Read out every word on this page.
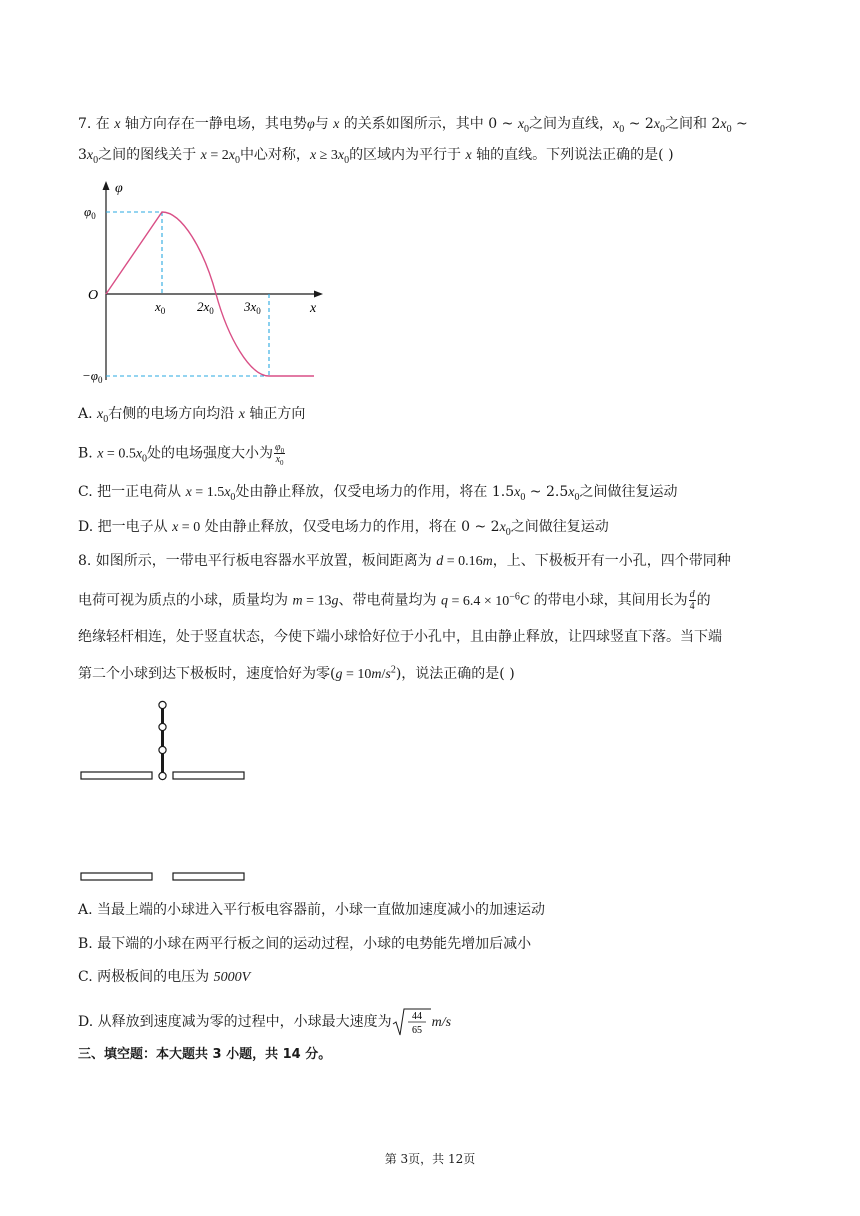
7. 在 x 轴方向存在一静电场，其电势φ与 x 的关系如图所示，其中 0 ~ $x_0$之间为直线，$x_0$ ~ $2x_0$之间和 $2x_0$ ~
$3x_0$之间的图线关于 $x = 2x_0$中心对称，$x \ge 3x_0$的区域内为平行于 x 轴的直线。下列说法正确的是( )
φ
x
O
$\varphi_0$
$-\varphi_0$
$x_0$ $2x_0$ $3x_0$
A. $x_0$右侧的电场方向均沿 x 轴正方向
B. $x = 0.5x_0$处的电场强度大小为 $\frac{\varphi_0}{x_0}$
C. 把一正电荷从 $x = 1.5x_0$处由静止释放，仅受电场力的作用，将在 $1.5x_0$ ~ $2.5x_0$之间做往复运动
D. 把一电子从 x = 0 处由静止释放，仅受电场力的作用，将在 0 ~ $2x_0$之间做往复运动
8. 如图所示，一带电平行板电容器水平放置，板间距离为 d = 0.16m，上、下极板开有一小孔，四个带同种
电荷可视为质点的小球，质量均为 m = 13g、带电荷量均为 $q = 6.4 \times 10^{-6}C$ 的带电小球，其间用长为 $\frac{d}{4}$ 的
绝缘轻杆相连，处于竖直状态，今使下端小球恰好位于小孔中，且由静止释放，让四球竖直下落。当下端
第二个小球到达下极板时，速度恰好为零$(g = 10m/s^2)$，说法正确的是( )
A. 当最上端的小球进入平行板电容器前，小球一直做加速度减小的加速运动
B. 最下端的小球在两平行板之间的运动过程，小球的电势能先增加后减小
C. 两极板间的电压为 5000V
D. 从释放到速度减为零的过程中，小球最大速度为 44
65
m/s
三、填空题：本大题共 3 小题，共 14 分。
第 3页，共 12页
